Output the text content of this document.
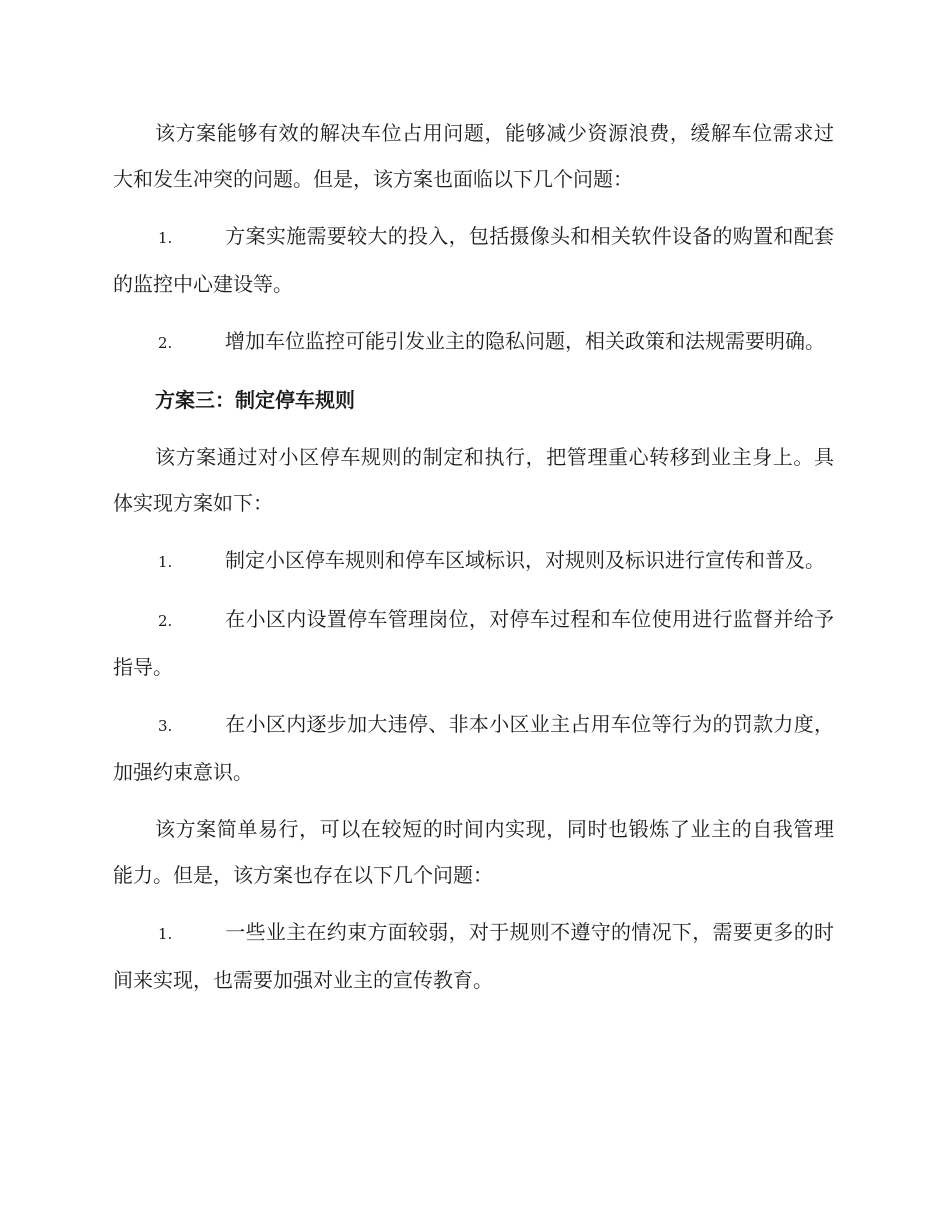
该方案能够有效的解决车位占用问题，能够减少资源浪费，缓解车位需求过大和发生冲突的问题。但是，该方案也面临以下几个问题：

1.	方案实施需要较大的投入，包括摄像头和相关软件设备的购置和配套的监控中心建设等。

2.	增加车位监控可能引发业主的隐私问题，相关政策和法规需要明确。

方案三：制定停车规则

该方案通过对小区停车规则的制定和执行，把管理重心转移到业主身上。具体实现方案如下：

1.	制定小区停车规则和停车区域标识，对规则及标识进行宣传和普及。

2.	在小区内设置停车管理岗位，对停车过程和车位使用进行监督并给予指导。

3.	在小区内逐步加大违停、非本小区业主占用车位等行为的罚款力度，加强约束意识。

该方案简单易行，可以在较短的时间内实现，同时也锻炼了业主的自我管理能力。但是，该方案也存在以下几个问题：

1.	一些业主在约束方面较弱，对于规则不遵守的情况下，需要更多的时间来实现，也需要加强对业主的宣传教育。
